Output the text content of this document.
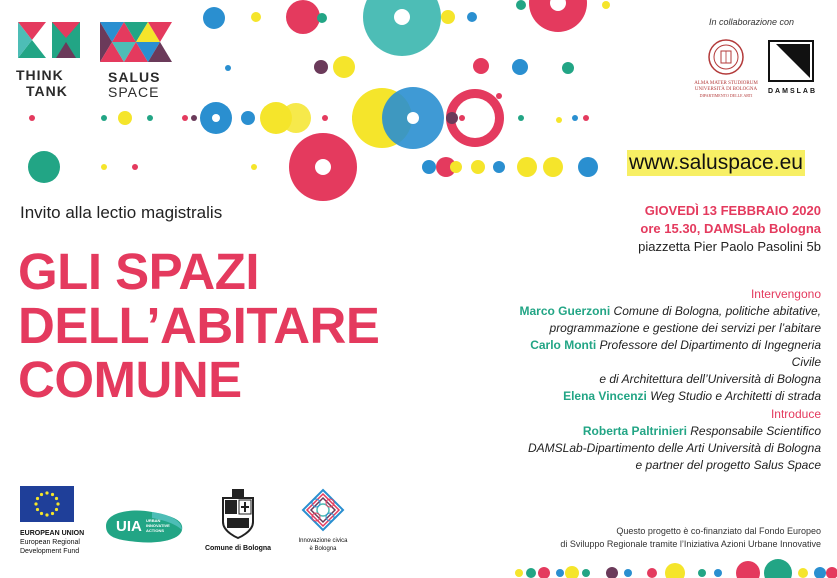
THINK
TANK
SALUS
SPACE
In collaborazione con
ALMA MATER STUDIORUM
UNIVERSITÀ DI BOLOGNA
DIPARTIMENTO DELLE ARTI
DAMSLAB
www.saluspace.eu
Invito alla lectio magistralis
GLI SPAZI
DELL’ABITARE
COMUNE
GIOVEDÌ 13 FEBBRAIO 2020
ore 15.30, DAMSLab Bologna
piazzetta Pier Paolo Pasolini 5b
Intervengono
Marco Guerzoni Comune di Bologna, politiche abitative,
programmazione e gestione dei servizi per l’abitare
Carlo Monti Professore del Dipartimento di Ingegneria Civile
e di Architettura dell’Università di Bologna
Elena Vincenzi Weg Studio e Architetti di strada
Introduce
Roberta Paltrinieri Responsabile Scientifico
DAMSLab-Dipartimento delle Arti Università di Bologna
e partner del progetto Salus Space
EUROPEAN UNION
European Regional
Development Fund
UIA URBAN
INNOVATIVE
ACTIONS
Comune di Bologna
Innovazione civica
è Bologna
Questo progetto è co-finanziato dal Fondo Europeo
di Sviluppo Regionale tramite l’Iniziativa Azioni Urbane Innovative
